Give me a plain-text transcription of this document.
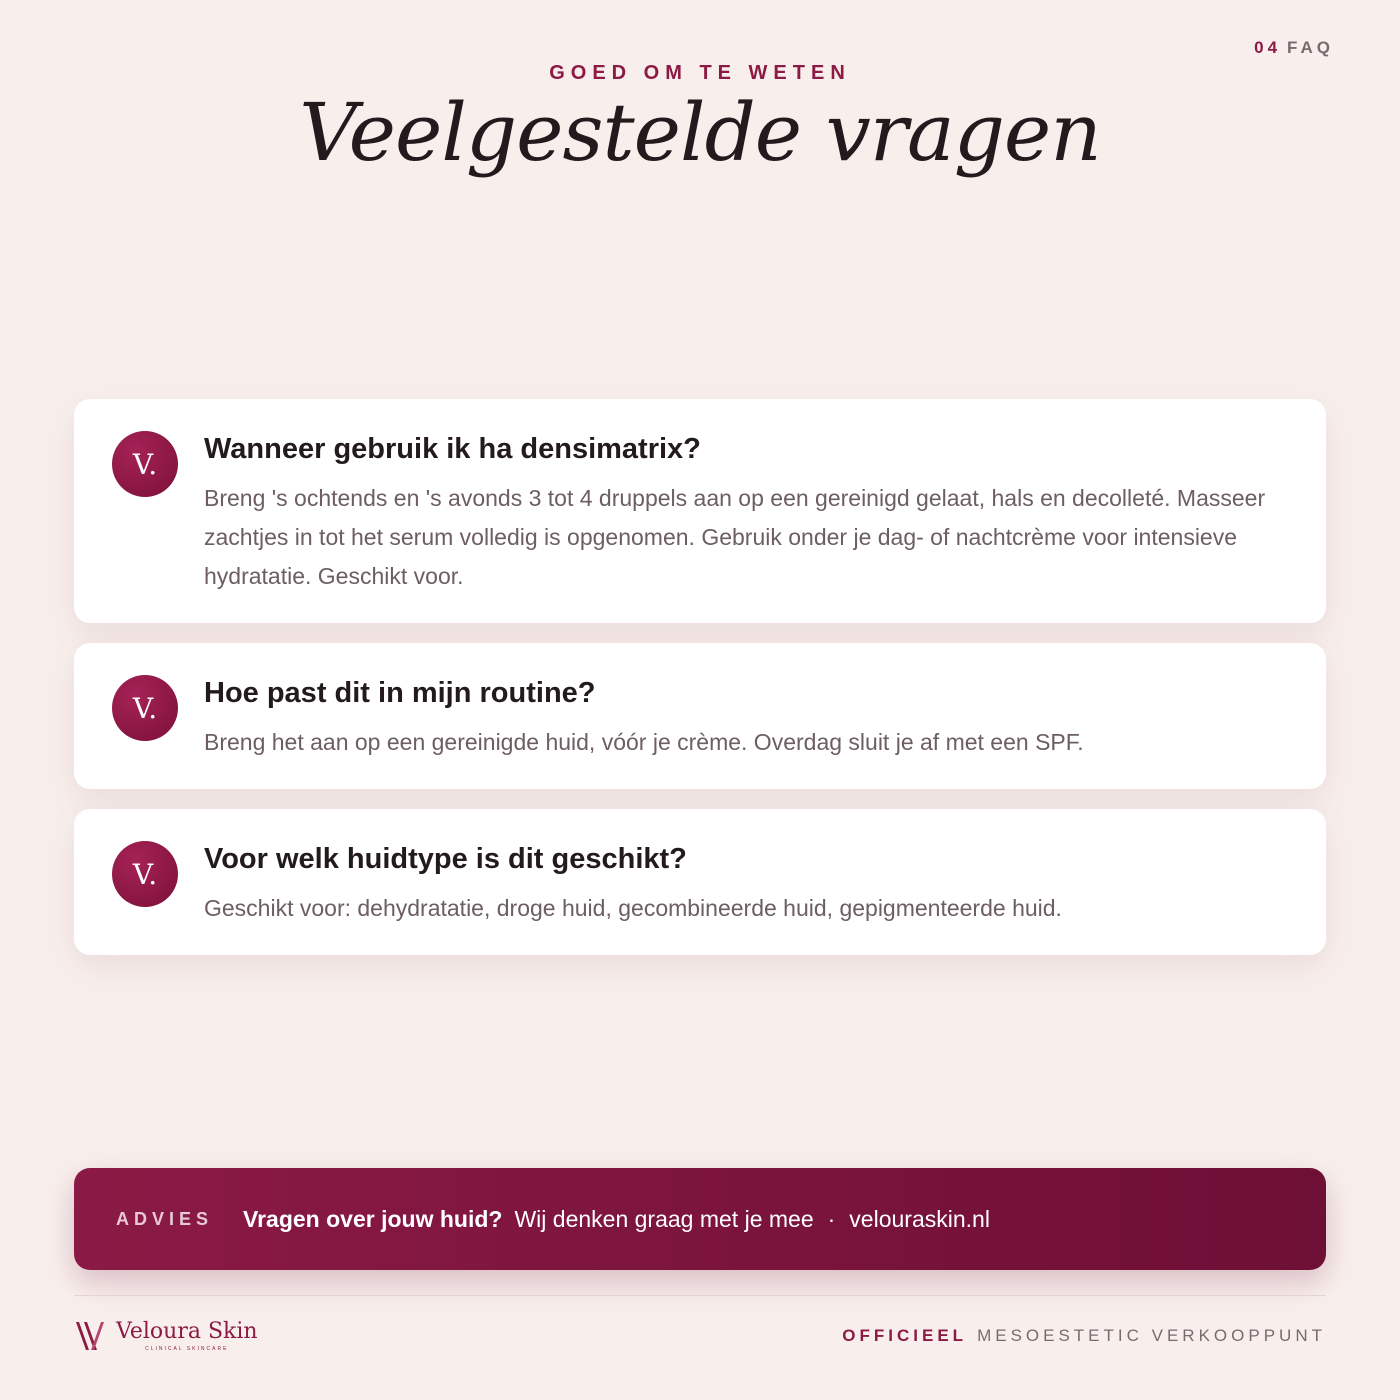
04 FAQ
GOED OM TE WETEN
Veelgestelde vragen
V.	Wanneer gebruik ik ha densimatrix?
Breng 's ochtends en 's avonds 3 tot 4 druppels aan op een gereinigd gelaat, hals en decolleté. Masseer zachtjes in tot het serum volledig is opgenomen. Gebruik onder je dag- of nachtcrème voor intensieve hydratatie. Geschikt voor.
V.	Hoe past dit in mijn routine?
Breng het aan op een gereinigde huid, vóór je crème. Overdag sluit je af met een SPF.
V.	Voor welk huidtype is dit geschikt?
Geschikt voor: dehydratatie, droge huid, gecombineerde huid, gepigmenteerde huid.
ADVIES Vragen over jouw huid? Wij denken graag met je mee · velouraskin.nl
Veloura Skin
CLINICAL SKINCARE
OFFICIEEL MESOESTETIC VERKOOPPUNT
